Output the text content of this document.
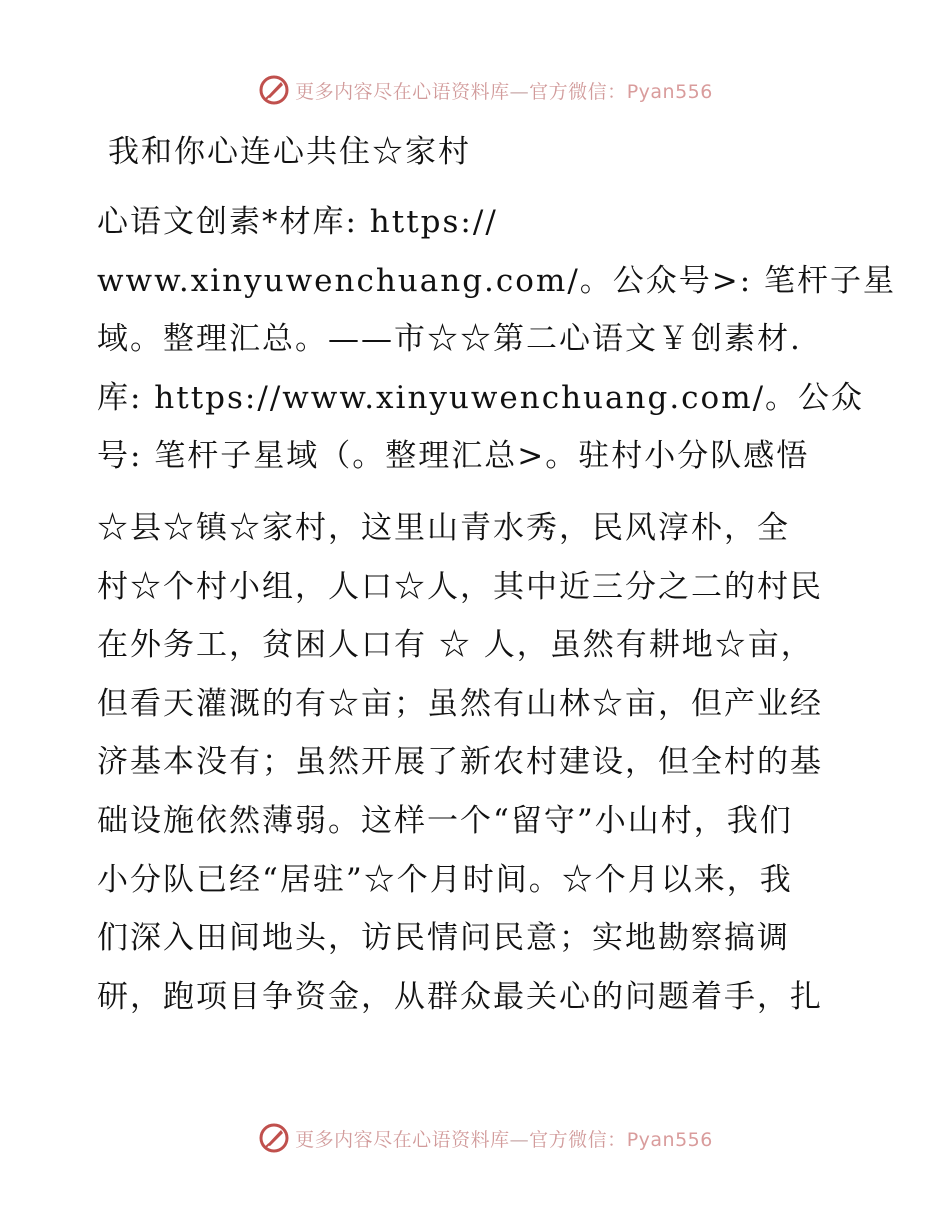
更多内容尽在心语资料库—官方微信：Pyan556
我和你心连心共住☆家村

心语文创素*材库: https://

www.xinyuwenchuang.com/。公众号>: 笔杆子星

域。整理汇总。——市☆☆第二心语文￥创素材.

库: https://www.xinyuwenchuang.com/。公众

号: 笔杆子星域（。整理汇总>。驻村小分队感悟

☆县☆镇☆家村，这里山青水秀，民风淳朴，全

村☆个村小组，人口☆人，其中近三分之二的村民

在外务工，贫困人口有 ☆ 人，虽然有耕地☆亩，

但看天灌溉的有☆亩；虽然有山林☆亩，但产业经

济基本没有；虽然开展了新农村建设，但全村的基

础设施依然薄弱。这样一个“留守”小山村，我们

小分队已经“居驻”☆个月时间。☆个月以来，我

们深入田间地头，访民情问民意；实地勘察搞调

研，跑项目争资金，从群众最关心的问题着手，扎

更多内容尽在心语资料库—官方微信：Pyan556
